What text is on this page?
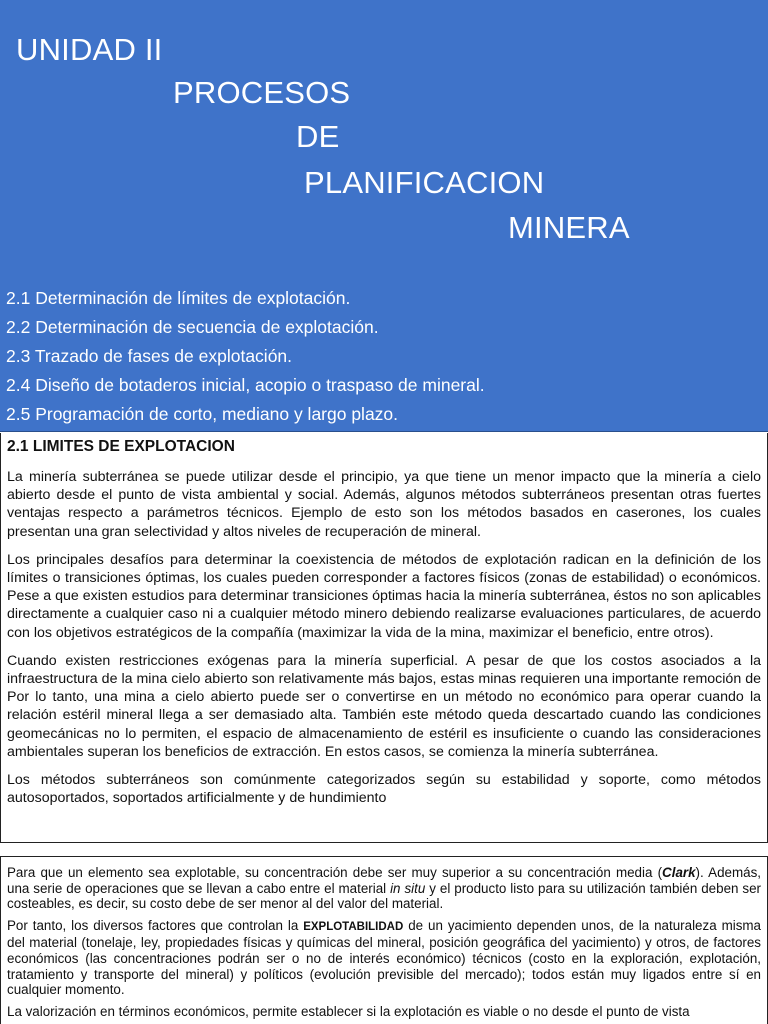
UNIDAD II
PROCESOS
DE
PLANIFICACION
MINERA
2.1 Determinación de límites de explotación.
2.2 Determinación de secuencia de explotación.
2.3 Trazado de fases de explotación.
2.4 Diseño de botaderos inicial, acopio o traspaso de mineral.
2.5 Programación de corto, mediano y largo plazo.
2.1 LIMITES DE EXPLOTACION

La minería subterránea se puede utilizar desde el principio, ya que tiene un menor impacto que la minería a cielo abierto desde el punto de vista ambiental y social. Además, algunos métodos subterráneos presentan otras fuertes ventajas respecto a parámetros técnicos. Ejemplo de esto son los métodos basados en caserones, los cuales presentan una gran selectividad y altos niveles de recuperación de mineral.

Los principales desafíos para determinar la coexistencia de métodos de explotación radican en la definición de los límites o transiciones óptimas, los cuales pueden corresponder a factores físicos (zonas de estabilidad) o económicos. Pese a que existen estudios para determinar transiciones óptimas hacia la minería subterránea, éstos no son aplicables directamente a cualquier caso ni a cualquier método minero debiendo realizarse evaluaciones particulares, de acuerdo con los objetivos estratégicos de la compañía (maximizar la vida de la mina, maximizar el beneficio, entre otros).

Cuando existen restricciones exógenas para la minería superficial. A pesar de que los costos asociados a la infraestructura de la mina cielo abierto son relativamente más bajos, estas minas requieren una importante remoción de Por lo tanto, una mina a cielo abierto puede ser o convertirse en un método no económico para operar cuando la relación estéril mineral llega a ser demasiado alta. También este método queda descartado cuando las condiciones geomecánicas no lo permiten, el espacio de almacenamiento de estéril es insuficiente o cuando las consideraciones ambientales superan los beneficios de extracción. En estos casos, se comienza la minería subterránea.

Los métodos subterráneos son comúnmente categorizados según su estabilidad y soporte, como métodos autosoportados, soportados artificialmente y de hundimiento

Para que un elemento sea explotable, su concentración debe ser muy superior a su concentración media (Clark). Además, una serie de operaciones que se llevan a cabo entre el material in situ y el producto listo para su utilización también deben ser costeables, es decir, su costo debe de ser menor al del valor del material.

Por tanto, los diversos factores que controlan la EXPLOTABILIDAD de un yacimiento dependen unos, de la naturaleza misma del material (tonelaje, ley, propiedades físicas y químicas del mineral, posición geográfica del yacimiento) y otros, de factores económicos (las concentraciones podrán ser o no de interés económico) técnicos (costo en la exploración, explotación, tratamiento y transporte del mineral) y políticos (evolución previsible del mercado); todos están muy ligados entre sí en cualquier momento.

La valorización en términos económicos, permite establecer si la explotación es viable o no desde el punto de vista
